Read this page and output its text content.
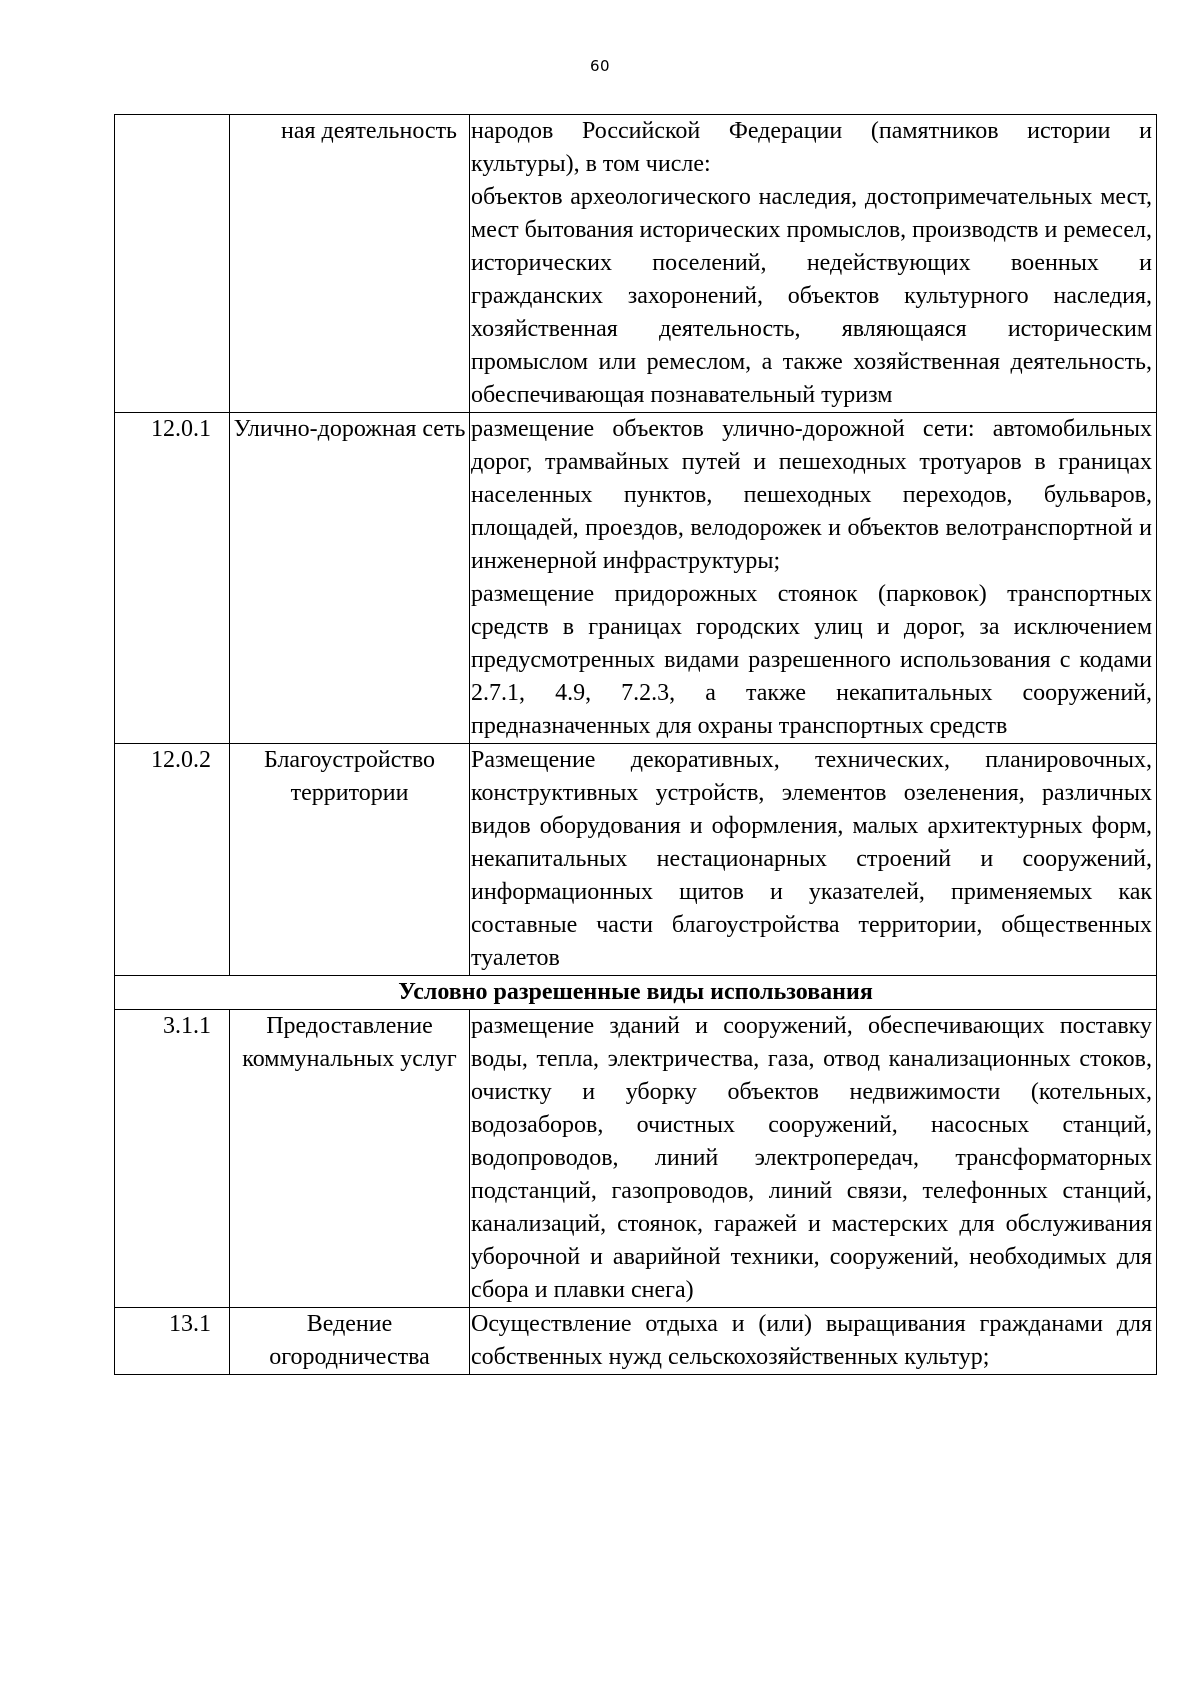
60
	ная деятельность	народов Российской Федерации (памятников истории и культуры), в том числе:

объектов археологического наследия, достопримечательных мест, мест бытования исторических промыслов, производств и ремесел, исторических поселений, недействующих военных и гражданских захоронений, объектов культурного наследия, хозяйственная деятельность, являющаяся историческим промыслом или ремеслом, а также хозяйственная деятельность, обеспечивающая познавательный туризм

12.0.1	Улично-дорожная сеть	размещение объектов улично-дорожной сети: автомобильных дорог, трамвайных путей и пешеходных тротуаров в границах населенных пунктов, пешеходных переходов, бульваров, площадей, проездов, велодорожек и объектов велотранспортной и инженерной инфраструктуры;

размещение придорожных стоянок (парковок) транспортных средств в границах городских улиц и дорог, за исключением предусмотренных видами разрешенного использования с кодами 2.7.1, 4.9, 7.2.3, а также некапитальных сооружений, предназначенных для охраны транспортных средств

12.0.2	Благоустройство территории	Размещение декоративных, технических, планировочных, конструктивных устройств, элементов озеленения, различных видов оборудования и оформления, малых архитектурных форм, некапитальных нестационарных строений и сооружений, информационных щитов и указателей, применяемых как составные части благоустройства территории, общественных туалетов

Условно разрешенные виды использования		
3.1.1	Предоставление коммунальных услуг	размещение зданий и сооружений, обеспечивающих поставку воды, тепла, электричества, газа, отвод канализационных стоков, очистку и уборку объектов недвижимости (котельных, водозаборов, очистных сооружений, насосных станций, водопроводов, линий электропередач, трансформаторных подстанций, газопроводов, линий связи, телефонных станций, канализаций, стоянок, гаражей и мастерских для обслуживания уборочной и аварийной техники, сооружений, необходимых для сбора и плавки снега)

13.1	Ведение огородничества	Осуществление отдыха и (или) выращивания гражданами для собственных нужд сельскохозяйственных культур;
